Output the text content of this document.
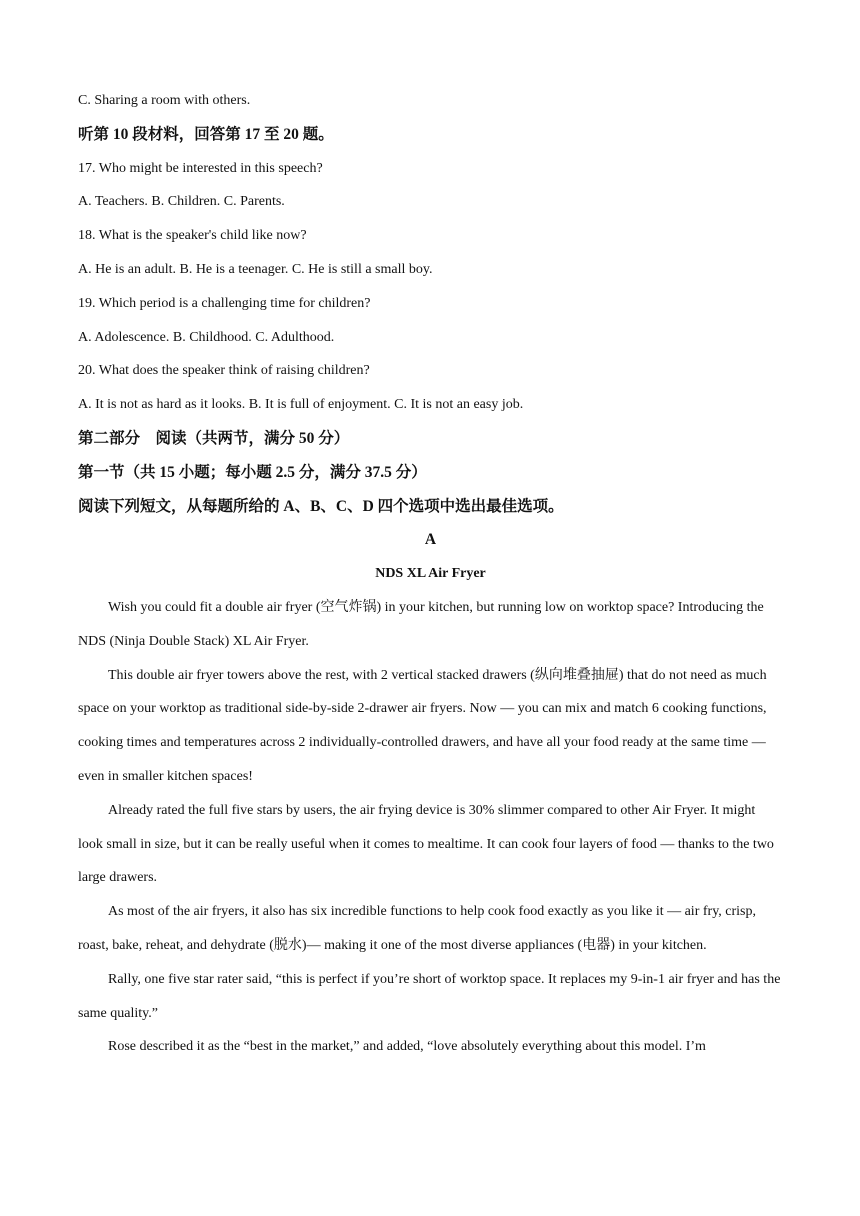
C. Sharing a room with others.
听第 10 段材料，回答第 17 至 20 题。
17. Who might be interested in this speech?
A. Teachers. B. Children. C. Parents.
18. What is the speaker's child like now?
A. He is an adult. B. He is a teenager. C. He is still a small boy.
19. Which period is a challenging time for children?
A. Adolescence. B. Childhood. C. Adulthood.
20. What does the speaker think of raising children?
A. It is not as hard as it looks. B. It is full of enjoyment. C. It is not an easy job.
第二部分　阅读（共两节，满分 50 分）
第一节（共 15 小题；每小题 2.5 分，满分 37.5 分）
阅读下列短文，从每题所给的 A、B、C、D 四个选项中选出最佳选项。
A
NDS XL Air Fryer

Wish you could fit a double air fryer (空气炸锅) in your kitchen, but running low on worktop space? Introducing the NDS (Ninja Double Stack) XL Air Fryer.

This double air fryer towers above the rest, with 2 vertical stacked drawers (纵向堆叠抽屉) that do not need as much space on your worktop as traditional side-by-side 2-drawer air fryers. Now — you can mix and match 6 cooking functions, cooking times and temperatures across 2 individually-controlled drawers, and have all your food ready at the same time — even in smaller kitchen spaces!

Already rated the full five stars by users, the air frying device is 30% slimmer compared to other Air Fryer. It might look small in size, but it can be really useful when it comes to mealtime. It can cook four layers of food — thanks to the two large drawers.

As most of the air fryers, it also has six incredible functions to help cook food exactly as you like it — air fry, crisp, roast, bake, reheat, and dehydrate (脱水)— making it one of the most diverse appliances (电器) in your kitchen.

Rally, one five star rater said, “this is perfect if you’re short of worktop space. It replaces my 9-in-1 air fryer and has the same quality.”

Rose described it as the “best in the market,” and added, “love absolutely everything about this model. I’m
